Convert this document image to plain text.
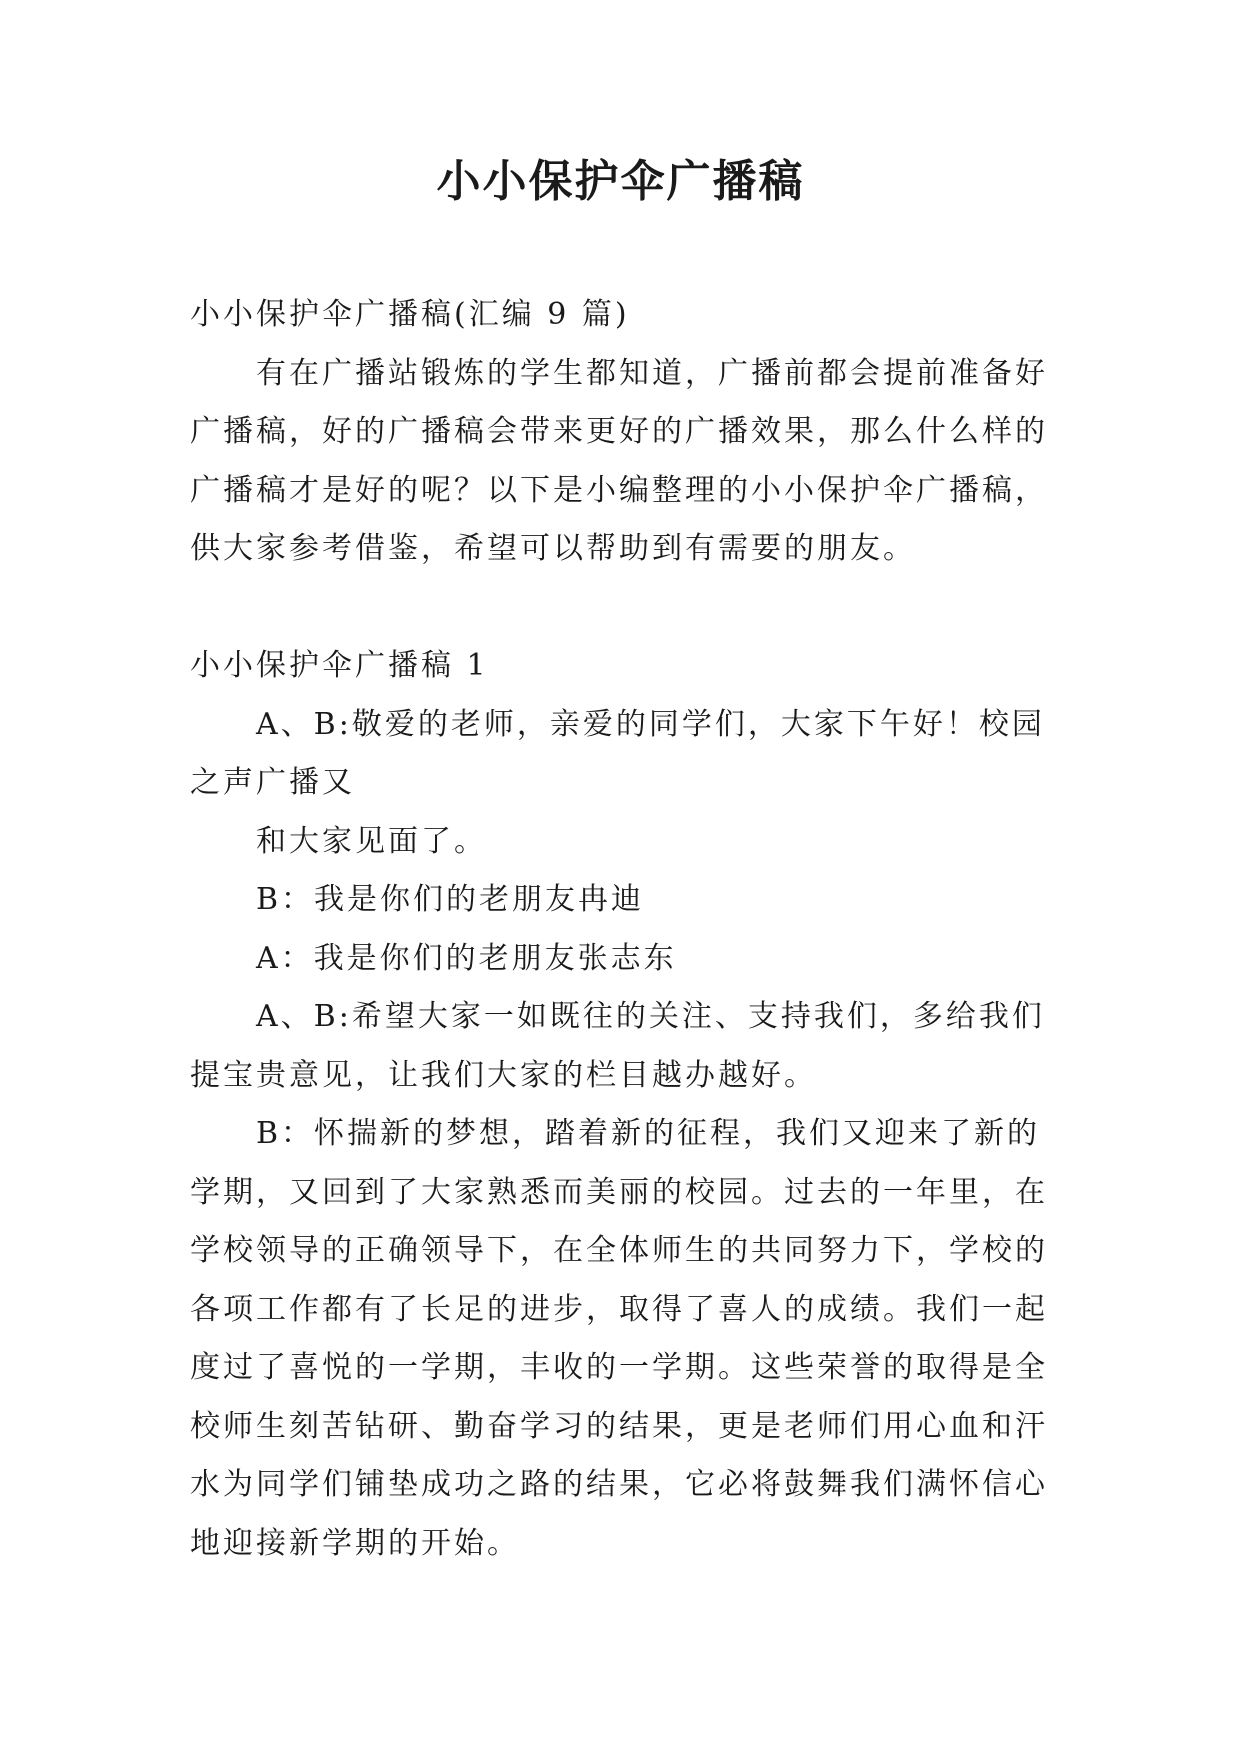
小小保护伞广播稿
小小保护伞广播稿(汇编 9 篇)
有在广播站锻炼的学生都知道，广播前都会提前准备好
广播稿，好的广播稿会带来更好的广播效果，那么什么样的
广播稿才是好的呢？以下是小编整理的小小保护伞广播稿，
供大家参考借鉴，希望可以帮助到有需要的朋友。
小小保护伞广播稿 1
A、B:敬爱的老师，亲爱的同学们，大家下午好！校园
之声广播又
和大家见面了。
B：我是你们的老朋友冉迪
A：我是你们的老朋友张志东
A、B:希望大家一如既往的关注、支持我们，多给我们
提宝贵意见，让我们大家的栏目越办越好。
B：怀揣新的梦想，踏着新的征程，我们又迎来了新的
学期，又回到了大家熟悉而美丽的校园。过去的一年里，在
学校领导的正确领导下，在全体师生的共同努力下，学校的
各项工作都有了长足的进步，取得了喜人的成绩。我们一起
度过了喜悦的一学期，丰收的一学期。这些荣誉的取得是全
校师生刻苦钻研、勤奋学习的结果，更是老师们用心血和汗
水为同学们铺垫成功之路的结果，它必将鼓舞我们满怀信心
地迎接新学期的开始。
